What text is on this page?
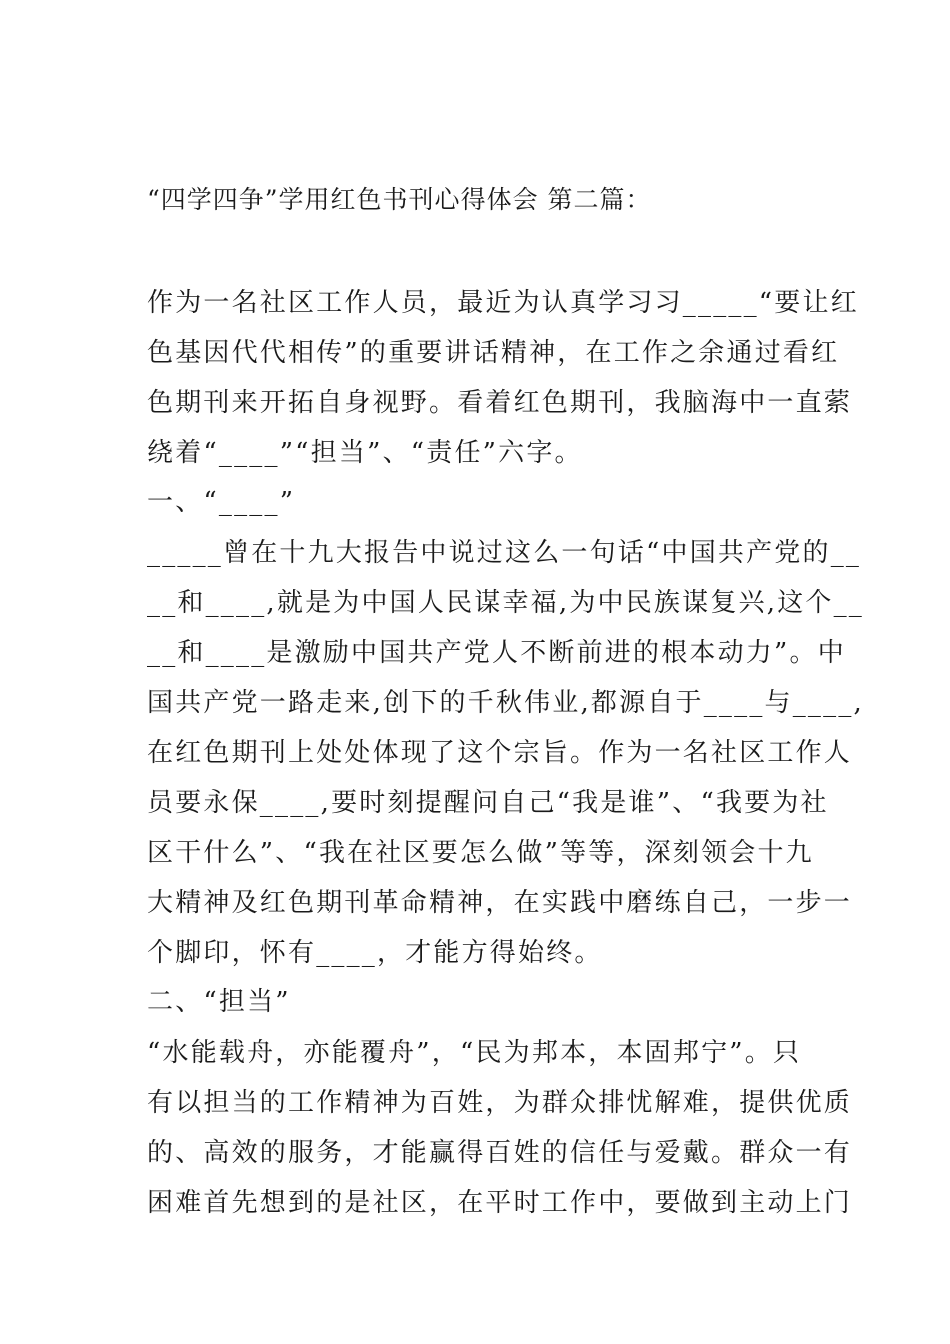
“四学四争”学用红色书刊心得体会 第二篇：
作为一名社区工作人员，最近为认真学习习_____“要让红
色基因代代相传”的重要讲话精神，在工作之余通过看红
色期刊来开拓自身视野。看着红色期刊，我脑海中一直萦
绕着“____”“担当”、“责任”六字。
一、“____”
_____曾在十九大报告中说过这么一句话“中国共产党的__
__和____,就是为中国人民谋幸福,为中民族谋复兴,这个__
__和____是激励中国共产党人不断前进的根本动力”。中
国共产党一路走来,创下的千秋伟业,都源自于____与____,
在红色期刊上处处体现了这个宗旨。作为一名社区工作人
员要永保____,要时刻提醒问自己“我是谁”、“我要为社
区干什么”、“我在社区要怎么做”等等，深刻领会十九
大精神及红色期刊革命精神，在实践中磨练自己，一步一
个脚印，怀有____，才能方得始终。
二、“担当”
“水能载舟，亦能覆舟”，“民为邦本，本固邦宁”。只
有以担当的工作精神为百姓，为群众排忧解难，提供优质
的、高效的服务，才能赢得百姓的信任与爱戴。群众一有
困难首先想到的是社区，在平时工作中，要做到主动上门
